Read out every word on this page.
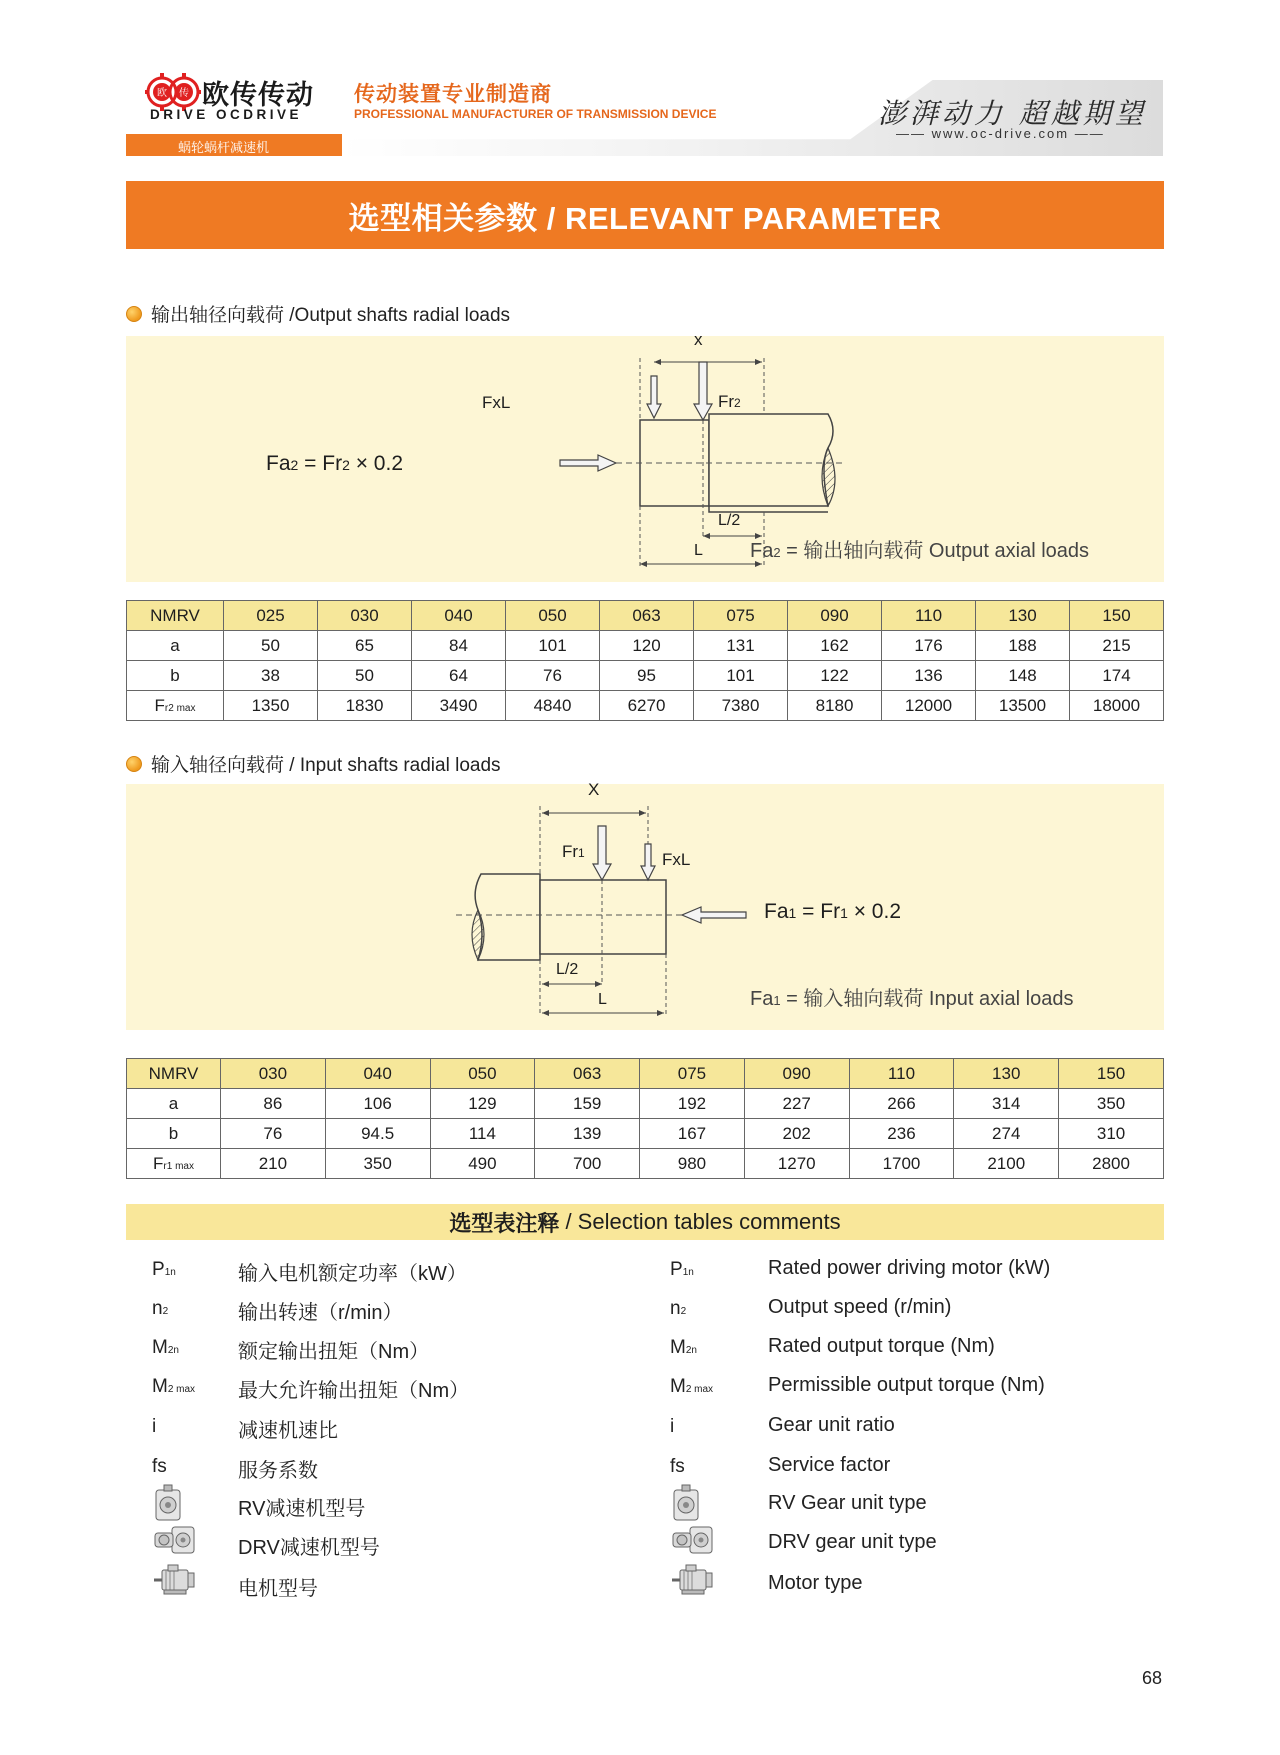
蜗轮蜗杆减速机
欧 传 欧传传动
DRIVE OCDRIVE
传动装置专业制造商
PROFESSIONAL MANUFACTURER OF TRANSMISSION DEVICE	澎湃动力 超越期望
—— www.oc-drive.com ——
选型相关参数 / RELEVANT PARAMETER
输出轴径向载荷 /Output shafts radial loads
x
FxL	Fr2
Fa2 = Fr2 × 0.2
L/2
L Fa2 = 输出轴向载荷 Output axial loads
NMRV	025	030	040	050	063	075	090	110	130	150
a	50	65	84	101	120	131	162	176	188	215
b	38	50	64	76	95	101	122	136	148	174
Fr2 max	1350	1830	3490	4840	6270	7380	8180	12000	13500	18000
输入轴径向载荷 / Input shafts radial loads
X
Fr1	FxL
Fa1 = Fr1 × 0.2
L/2
L	Fa1 = 输入轴向载荷 Input axial loads
NMRV	030	040	050	063	075	090	110	130	150
a	86	106	129	159	192	227	266	314	350
b	76	94.5	114	139	167	202	236	274	310
Fr1 max	210	350	490	700	980	1270	1700	2100	2800
选型表注释 / Selection tables comments
P1n	输入电机额定功率（kW）	P1n	Rated power driving motor (kW)
n2	输出转速（r/min）	n2	Output speed (r/min)
M2n	额定输出扭矩（Nm）	M2n	Rated output torque (Nm)
M2 max 最大允许输出扭矩（Nm）	M2 max	Permissible output torque (Nm)
i	减速机速比	i	Gear unit ratio
fs	服务系数	fs	Service factor
RV减速机型号	RV Gear unit type
DRV减速机型号	DRV gear unit type
电机型号	Motor type
68
